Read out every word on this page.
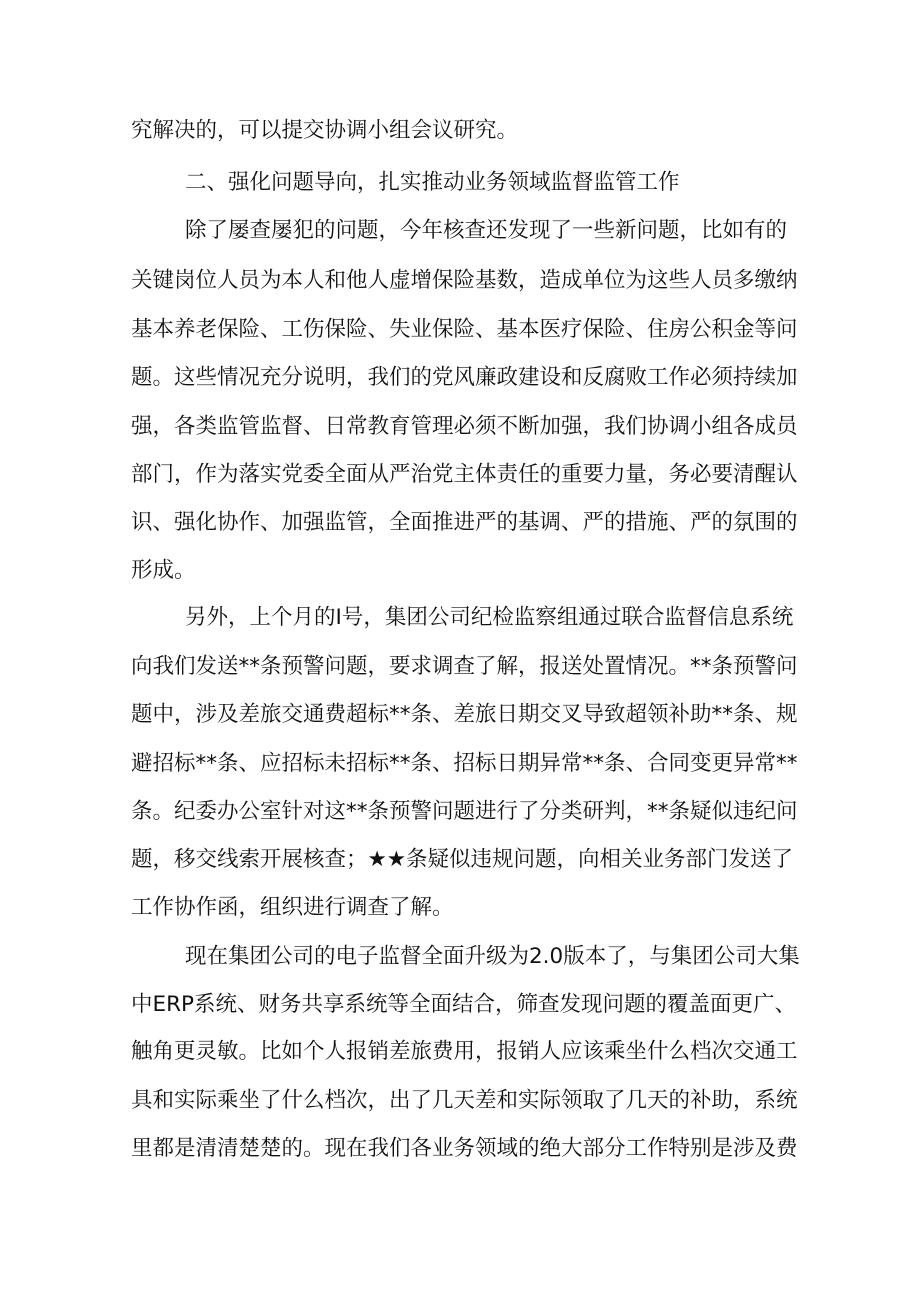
究解决的，可以提交协调小组会议研究。
二、强化问题导向，扎实推动业务领域监督监管工作
除了屡查屡犯的问题，今年核查还发现了一些新问题，比如有的
关键岗位人员为本人和他人虚增保险基数，造成单位为这些人员多缴纳
基本养老保险、工伤保险、失业保险、基本医疗保险、住房公积金等问
题。这些情况充分说明，我们的党风廉政建设和反腐败工作必须持续加
强，各类监管监督、日常教育管理必须不断加强，我们协调小组各成员
部门，作为落实党委全面从严治党主体责任的重要力量，务必要清醒认
识、强化协作、加强监管，全面推进严的基调、严的措施、严的氛围的
形成。
另外，上个月的I号，集团公司纪检监察组通过联合监督信息系统
向我们发送**条预警问题，要求调查了解，报送处置情况。**条预警问
题中，涉及差旅交通费超标**条、差旅日期交叉导致超领补助**条、规
避招标**条、应招标未招标**条、招标日期异常**条、合同变更异常**
条。纪委办公室针对这**条预警问题进行了分类研判，**条疑似违纪问
题，移交线索开展核查；★★条疑似违规问题，向相关业务部门发送了
工作协作函，组织进行调查了解。
现在集团公司的电子监督全面升级为2.0版本了，与集团公司大集
中ERP系统、财务共享系统等全面结合，筛查发现问题的覆盖面更广、
触角更灵敏。比如个人报销差旅费用，报销人应该乘坐什么档次交通工
具和实际乘坐了什么档次，出了几天差和实际领取了几天的补助，系统
里都是清清楚楚的。现在我们各业务领域的绝大部分工作特别是涉及费
